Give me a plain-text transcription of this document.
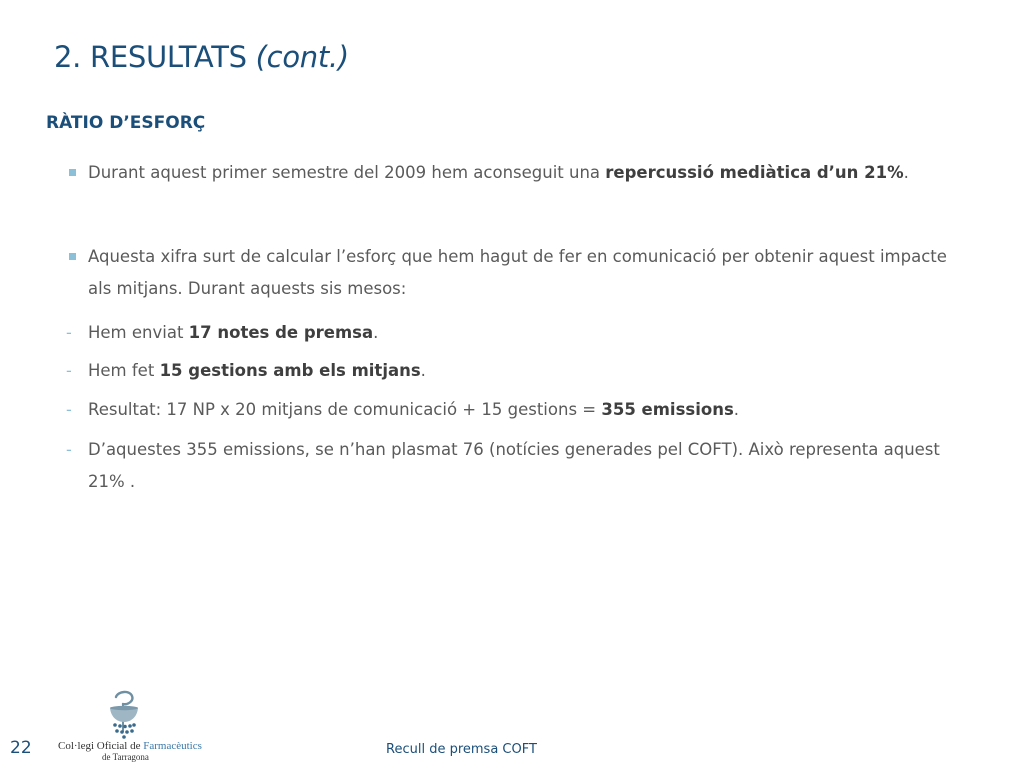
2. RESULTATS (cont.)
RÀTIO D’ESFORÇ
Durant aquest primer semestre del 2009 hem aconseguit una repercussió mediàtica d’un 21%.
Aquesta xifra surt de calcular l’esforç que hem hagut de fer en comunicació per obtenir aquest impacte als mitjans. Durant aquests sis mesos:
- Hem enviat 17 notes de premsa.
- Hem fet 15 gestions amb els mitjans.
- Resultat: 17 NP x 20 mitjans de comunicació + 15 gestions = 355 emissions.
- D’aquestes 355 emissions, se n’han plasmat 76 (notícies generades pel COFT). Això representa aquest 21% .
22 Col·legi Oficial de Farmacèutics
de Tarragona	Recull de premsa COFT
